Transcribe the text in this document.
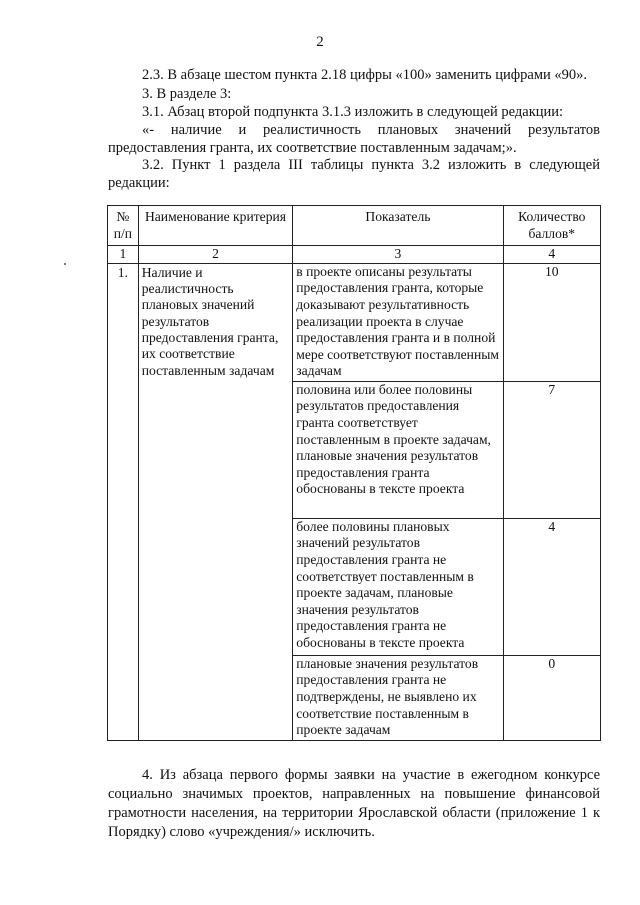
2

2.3. В абзаце шестом пункта 2.18 цифры «100» заменить цифрами «90».

3. В разделе 3:

3.1. Абзац второй подпункта 3.1.3 изложить в следующей редакции:

«- наличие и реалистичность плановых значений результатов предоставления гранта, их соответствие поставленным задачам;».

3.2. Пункт 1 раздела III таблицы пункта 3.2 изложить в следующей редакции:

№ п/п	Наименование критерия	Показатель	Количество баллов*
1	2	3	4
1.	Наличие и реалистичность плановых значений результатов предоставления гранта, их соответствие поставленным задачам	в проекте описаны результаты предоставления гранта, которые доказывают результативность реализации проекта в случае предоставления гранта и в полной мере соответствуют поставленным задачам	10
		половина или более половины результатов предоставления гранта соответствует поставленным в проекте задачам, плановые значения результатов предоставления гранта обоснованы в тексте проекта	7
		более половины плановых значений результатов предоставления гранта не соответствует поставленным в проекте задачам, плановые значения результатов предоставления гранта не обоснованы в тексте проекта	4
		плановые значения результатов предоставления гранта не подтверждены, не выявлено их соответствие поставленным в проекте задачам	0

4. Из абзаца первого формы заявки на участие в ежегодном конкурсе социально значимых проектов, направленных на повышение финансовой грамотности населения, на территории Ярославской области (приложение 1 к Порядку) слово «учреждения/» исключить.
